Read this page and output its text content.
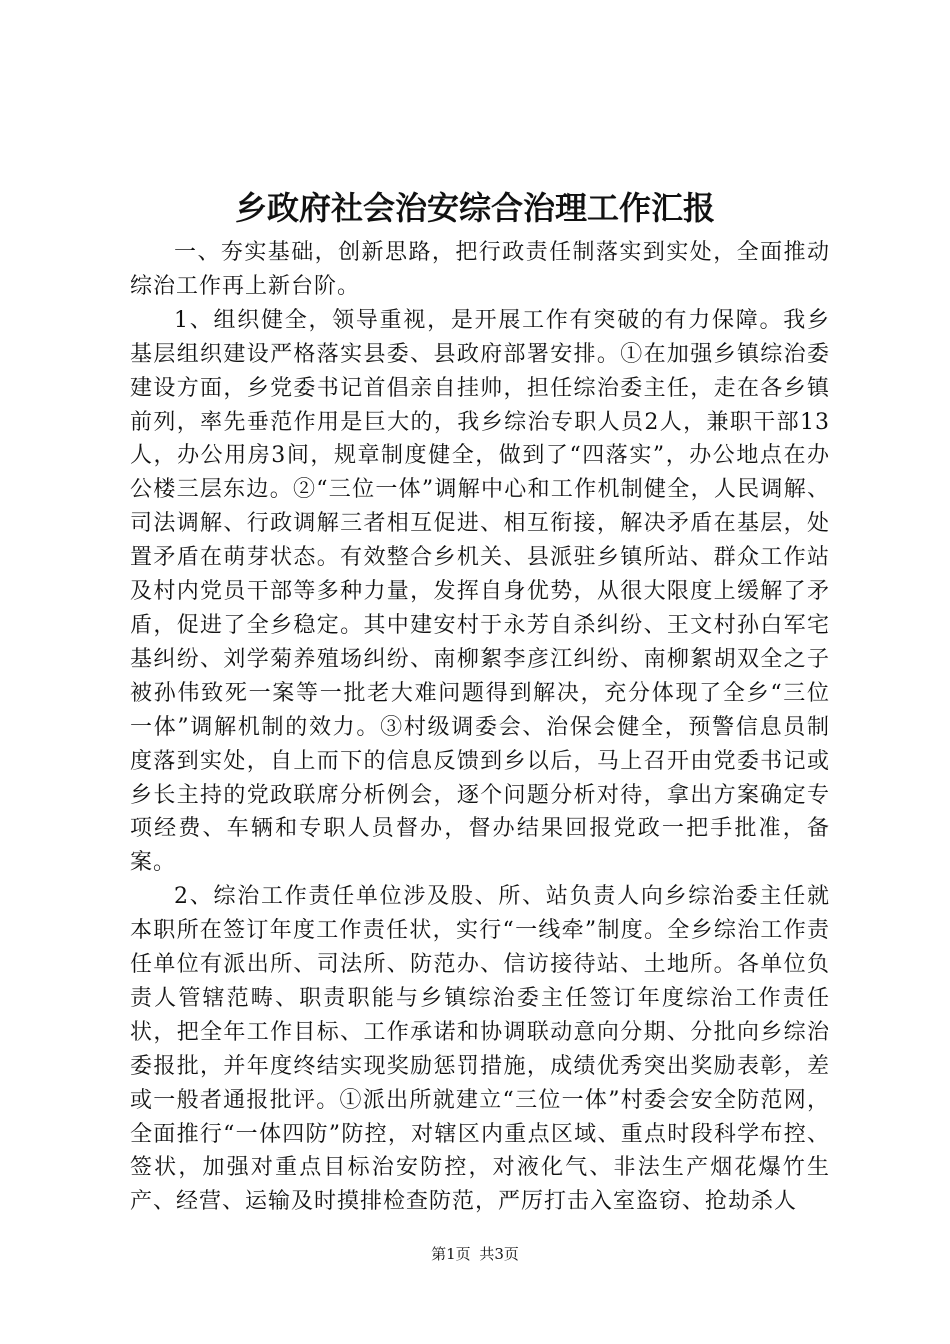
乡政府社会治安综合治理工作汇报

一、夯实基础，创新思路，把行政责任制落实到实处，全面推动综治工作再上新台阶。

1、组织健全，领导重视，是开展工作有突破的有力保障。我乡基层组织建设严格落实县委、县政府部署安排。①在加强乡镇综治委建设方面，乡党委书记首倡亲自挂帅，担任综治委主任，走在各乡镇前列，率先垂范作用是巨大的，我乡综治专职人员2人，兼职干部13人，办公用房3间，规章制度健全，做到了“四落实”，办公地点在办公楼三层东边。②“三位一体”调解中心和工作机制健全，人民调解、司法调解、行政调解三者相互促进、相互衔接，解决矛盾在基层，处置矛盾在萌芽状态。有效整合乡机关、县派驻乡镇所站、群众工作站及村内党员干部等多种力量，发挥自身优势，从很大限度上缓解了矛盾，促进了全乡稳定。其中建安村于永芳自杀纠纷、王文村孙白军宅基纠纷、刘学菊养殖场纠纷、南柳絮李彦江纠纷、南柳絮胡双全之子被孙伟致死一案等一批老大难问题得到解决，充分体现了全乡“三位一体”调解机制的效力。③村级调委会、治保会健全，预警信息员制度落到实处，自上而下的信息反馈到乡以后，马上召开由党委书记或乡长主持的党政联席分析例会，逐个问题分析对待，拿出方案确定专项经费、车辆和专职人员督办，督办结果回报党政一把手批准，备案。

2、综治工作责任单位涉及股、所、站负责人向乡综治委主任就本职所在签订年度工作责任状，实行“一线牵”制度。全乡综治工作责任单位有派出所、司法所、防范办、信访接待站、土地所。各单位负责人管辖范畴、职责职能与乡镇综治委主任签订年度综治工作责任状，把全年工作目标、工作承诺和协调联动意向分期、分批向乡综治委报批，并年度终结实现奖励惩罚措施，成绩优秀突出奖励表彰，差或一般者通报批评。①派出所就建立“三位一体”村委会安全防范网，全面推行“一体四防”防控，对辖区内重点区域、重点时段科学布控、签状，加强对重点目标治安防控，对液化气、非法生产烟花爆竹生产、经营、运输及时摸排检查防范，严厉打击入室盗窃、抢劫杀人

第1页 共3页
